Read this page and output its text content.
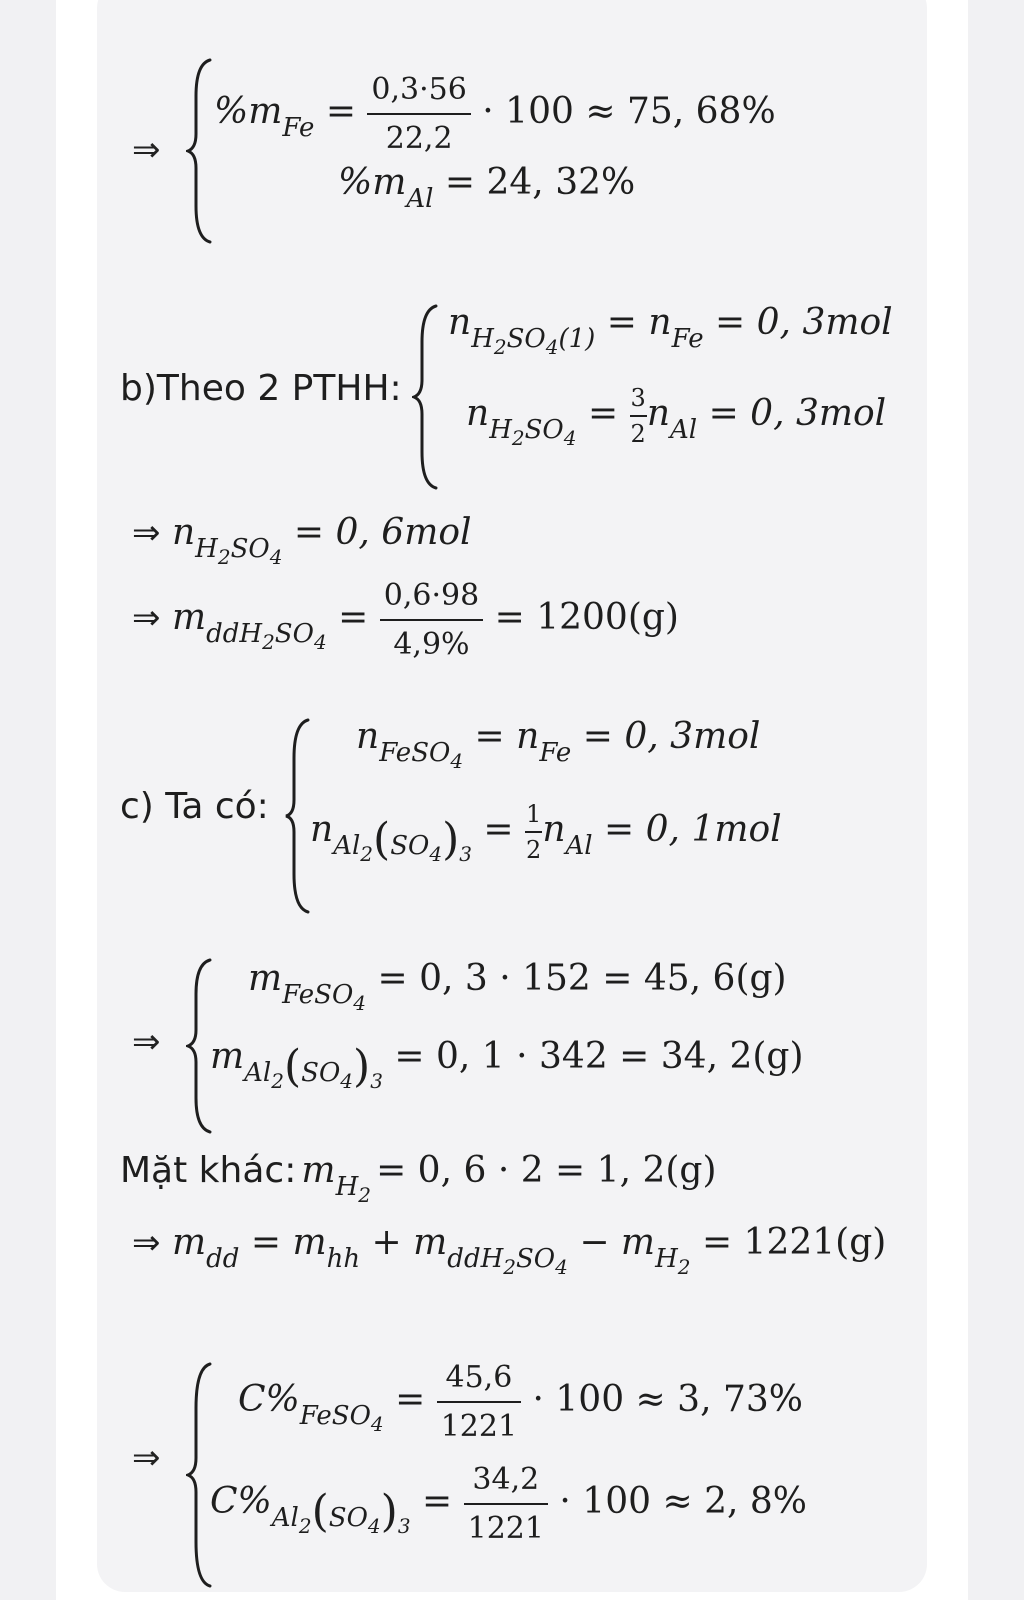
⇒
$\%m_{Fe} = \frac{0,3\cdot 56}{22,2} \cdot 100 \approx 75$, 68%
$\%m_{Al} = 24$, 32%
b)Theo 2 PTHH:
$n_{H_2SO_4(1)} = n_{Fe} = 0$, 3mol
$n_{H_2SO_4} = \frac{3}{2} n_{Al} = 0$, 3mol
⇒ $n_{H_2SO_4} = 0$, 6mol
⇒ $m_{ddH_2SO_4} = \frac{0,6\cdot 98}{4,9\%} = 1200(g)$
c) Ta có:
$n_{FeSO_4} = n_{Fe} = 0$, 3mol
$n_{Al_2(SO_4)_3} = \frac{1}{2} n_{Al} = 0$, 1mol
⇒
$m_{FeSO_4} = 0$, 3 · 152 = 45, 6(g)
$m_{Al_2(SO_4)_3} = 0$, 1 · 342 = 34, 2(g)
Mặt khác: $m_{H_2} = 0$, 6 · 2 = 1, 2(g)
⇒ $m_{dd} = m_{hh} + m_{ddH_2SO_4} - m_{H_2} = 1221(g)$
⇒
$C\%_{FeSO_4} = \frac{45,6}{1221} \cdot 100 \approx 3$, 73%
$C\%_{Al_2(SO_4)_3} = \frac{34,2}{1221} \cdot 100 \approx 2$, 8%
